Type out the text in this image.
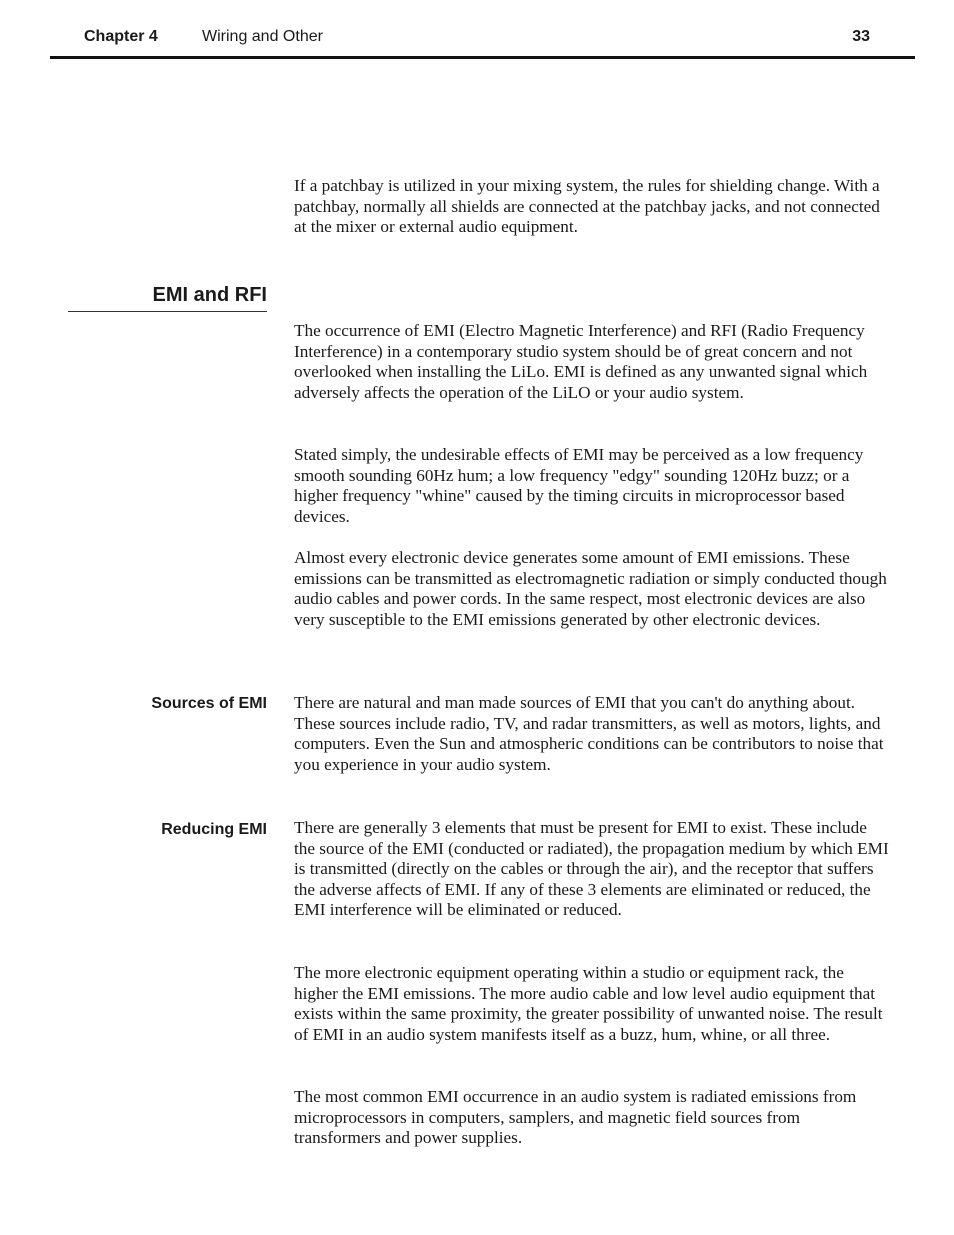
Chapter 4	Wiring and Other	33

If a patchbay is utilized in your mixing system, the rules for shielding change. With a patchbay, normally all shields are connected at the patchbay jacks, and not connected at the mixer or external audio equipment.

EMI and RFI

The occurrence of EMI (Electro Magnetic Interference) and RFI (Radio Frequency Interference) in a contemporary studio system should be of great concern and not overlooked when installing the LiLo. EMI is defined as any unwanted signal which adversely affects the operation of the LiLO or your audio system.

Stated simply, the undesirable effects of EMI may be perceived as a low frequency smooth sounding 60Hz hum; a low frequency "edgy" sounding 120Hz buzz; or a higher frequency "whine" caused by the timing circuits in microprocessor based devices.

Almost every electronic device generates some amount of EMI emissions. These emissions can be transmitted as electromagnetic radiation or simply conducted though audio cables and power cords. In the same respect, most electronic devices are also very susceptible to the EMI emissions generated by other electronic devices.

Sources of EMI There are natural and man made sources of EMI that you can't do anything about. These sources include radio, TV, and radar transmitters, as well as motors, lights, and computers. Even the Sun and atmospheric conditions can be contributors to noise that you experience in your audio system.

Reducing EMI There are generally 3 elements that must be present for EMI to exist. These include the source of the EMI (conducted or radiated), the propagation medium by which EMI is transmitted (directly on the cables or through the air), and the receptor that suffers the adverse affects of EMI. If any of these 3 elements are eliminated or reduced, the EMI interference will be eliminated or reduced.

The more electronic equipment operating within a studio or equipment rack, the higher the EMI emissions. The more audio cable and low level audio equipment that exists within the same proximity, the greater possibility of unwanted noise. The result of EMI in an audio system manifests itself as a buzz, hum, whine, or all three.

The most common EMI occurrence in an audio system is radiated emissions from microprocessors in computers, samplers, and magnetic field sources from transformers and power supplies.
